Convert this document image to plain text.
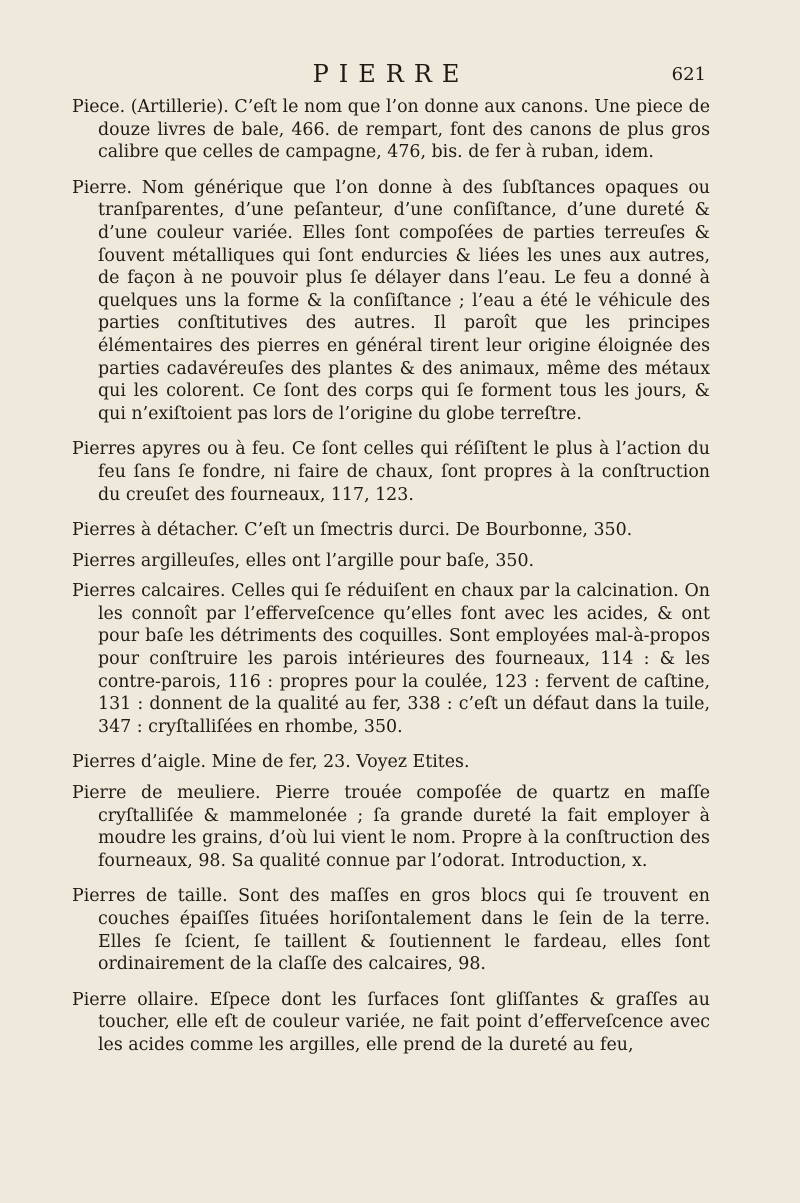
PIERRE	621

Piece. (Artillerie). C’eſt le nom que l’on donne aux canons. Une piece de douze livres de bale, 466. de rempart, font des canons de plus gros calibre que celles de campagne, 476, bis. de fer à ruban, idem.

Pierre. Nom générique que l’on donne à des ſubſtances opaques ou tranſparentes, d’une peſanteur, d’une conſiſtance, d’une dureté & d’une couleur variée. Elles ſont compoſées de parties terreuſes & ſouvent métalliques qui ſont endurcies & liées les unes aux autres, de façon à ne pouvoir plus ſe délayer dans l’eau. Le feu a donné à quelques uns la forme & la conſiſtance ; l’eau a été le véhicule des parties conſtitutives des autres. Il paroît que les principes élémentaires des pierres en général tirent leur origine éloignée des parties cadavéreuſes des plantes & des animaux, même des métaux qui les colorent. Ce ſont des corps qui ſe forment tous les jours, & qui n’exiſtoient pas lors de l’origine du globe terreſtre.

Pierres apyres ou à feu. Ce ſont celles qui réſiſtent le plus à l’action du feu ſans ſe fondre, ni faire de chaux, ſont propres à la conſtruction du creuſet des fourneaux, 117, 123.

Pierres à détacher. C’eſt un ſmectris durci. De Bourbonne, 350.

Pierres argilleuſes, elles ont l’argille pour baſe, 350.

Pierres calcaires. Celles qui ſe réduiſent en chaux par la calcination. On les connoît par l’efferveſcence qu’elles font avec les acides, & ont pour baſe les détriments des coquilles. Sont employées mal-à-propos pour conſtruire les parois intérieures des fourneaux, 114 : & les contre-parois, 116 : propres pour la coulée, 123 : fervent de caſtine, 131 : donnent de la qualité au fer, 338 : c’eſt un défaut dans la tuile, 347 : cryſtalliſées en rhombe, 350.

Pierres d’aigle. Mine de fer, 23. Voyez Etites.

Pierre de meuliere. Pierre trouée compoſée de quartz en maſſe cryſtalliſée & mammelonée ; ſa grande dureté la fait employer à moudre les grains, d’où lui vient le nom. Propre à la conſtruction des fourneaux, 98. Sa qualité connue par l’odorat. Introduction, x.

Pierres de taille. Sont des maſſes en gros blocs qui ſe trouvent en couches épaiſſes ſituées horiſontalement dans le ſein de la terre. Elles ſe ſcient, ſe taillent & ſoutiennent le fardeau, elles ſont ordinairement de la claſſe des calcaires, 98.

Pierre ollaire. Eſpece dont les ſurfaces ſont gliſſantes & graſſes au toucher, elle eſt de couleur variée, ne fait point d’efferveſcence avec les acides comme les argilles, elle prend de la dureté au feu,
